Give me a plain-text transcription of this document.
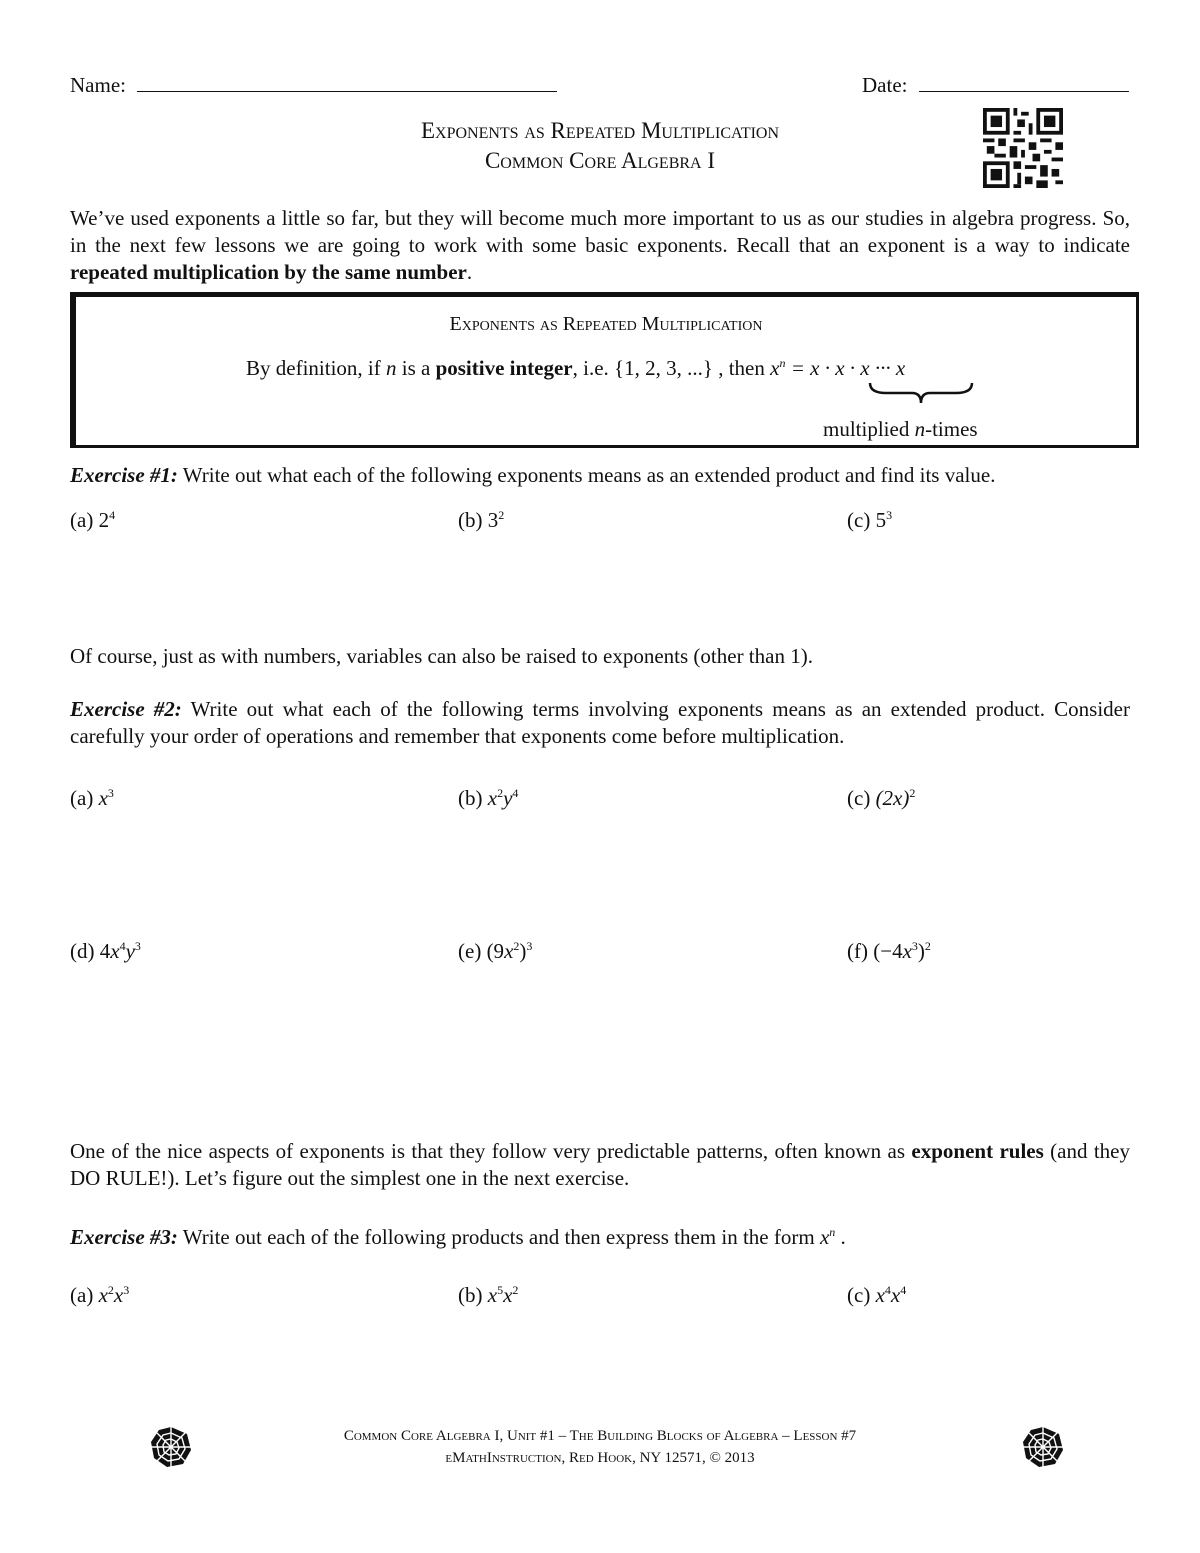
Name:	Date:
Exponents as Repeated Multiplication
Common Core Algebra I
We’ve used exponents a little so far, but they will become much more important to us as our studies in algebra progress. So, in the next few lessons we are going to work with some basic exponents. Recall that an exponent is a way to indicate repeated multiplication by the same number.
Exponents as Repeated Multiplication
By definition, if n is a positive integer, i.e. {1, 2, 3, ...} , then $x^n = x \cdot x \cdot x$ ··· x
multiplied n-times
Exercise #1: Write out what each of the following exponents means as an extended product and find its value.
(a) $2^4$	(b) $3^2$	(c) $5^3$
Of course, just as with numbers, variables can also be raised to exponents (other than 1).
Exercise #2: Write out what each of the following terms involving exponents means as an extended product. Consider carefully your order of operations and remember that exponents come before multiplication.
(a) $x^3$	(b) $x^2y^4$	(c) $(2x)^2$
(d) $4x^4y^3$	(e) $(9x^2)^3$	(f) $(-4x^3)^2$
One of the nice aspects of exponents is that they follow very predictable patterns, often known as exponent rules (and they DO RULE!). Let’s figure out the simplest one in the next exercise.
Exercise #3: Write out each of the following products and then express them in the form $x^n$ .
(a) $x^2x^3$	(b) $x^5x^2$	(c) $x^4x^4$
Common Core Algebra I, Unit #1 – The Building Blocks of Algebra – Lesson #7
eMathInstruction, Red Hook, NY 12571, © 2013
